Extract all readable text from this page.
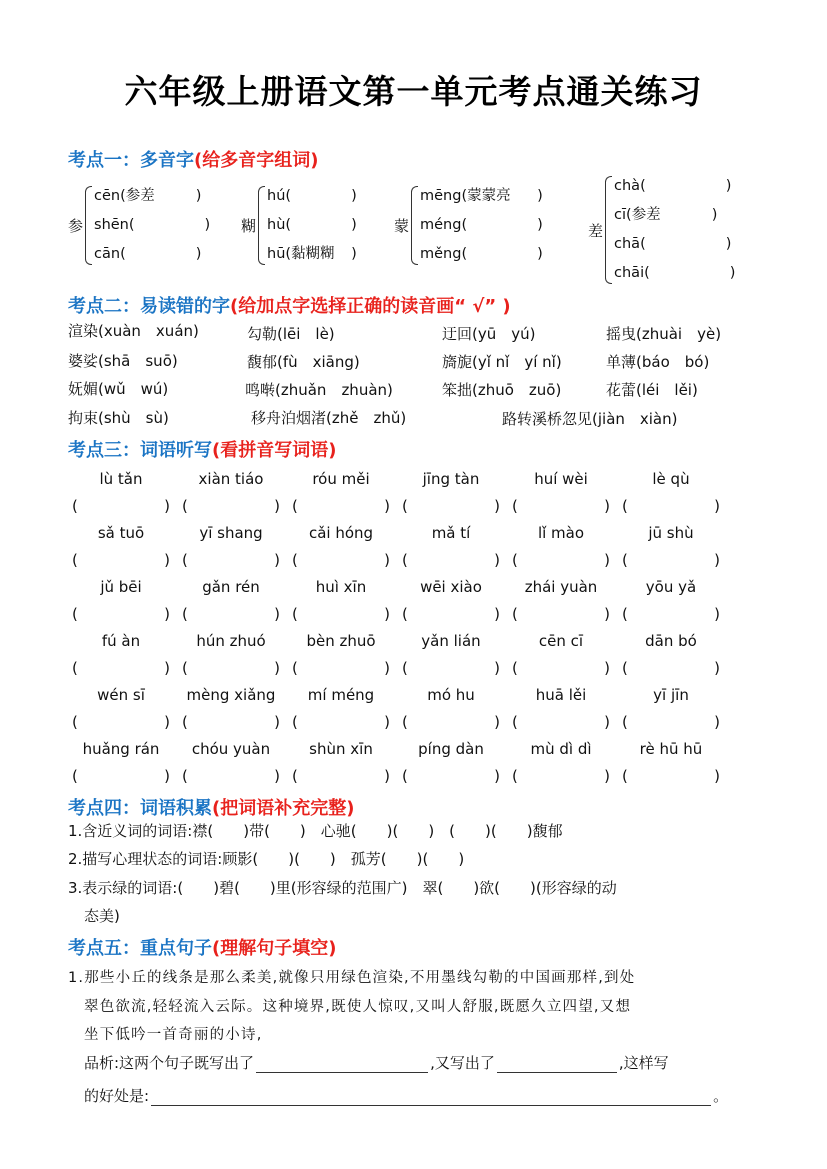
六年级上册语文第一单元考点通关练习
考点一：多音字(给多音字组词)
参
cēn( 参差	)
shēn(	)
cān(	)
糊
hú(	)
hù(	)
hū( 黏糊糊	)
蒙
mēng( 蒙蒙亮	)
méng(	)
měng(	)
差
chà(	)
cī( 参差	)
chā(	)
chāi(	)
考点二：易读错的字(给加点字选择正确的读音画“ √” )
渲染(xuàn　xuán)	勾勒(lēi　lè)	迂回(yū　yú)	摇曳(zhuài　yè)
婆娑(shā　suō)	馥郁(fù　xiāng)	旖旎(yǐ nǐ　yí nǐ)	单薄(báo　bó)
妩媚(wǔ　wú)	鸣啭(zhuǎn　zhuàn)	笨拙(zhuō　zuō)	花蕾(léi　lěi)
拘束(shù　sù)	移舟泊烟渚(zhě　zhǔ)	路转溪桥忽见(jiàn　xiàn)
考点三：词语听写(看拼音写词语)
lù tǎn	xiàn tiáo	róu měi	jīng tàn	huí wèi	lè qù
(	) (	) (	) (	) (	) (	)
sǎ tuō	yī shang	cǎi hóng	mǎ tí	lǐ mào	jū shù
(	) (	) (	) (	) (	) (	)
jǔ bēi	gǎn rén	huì xīn	wēi xiào	zhái yuàn	yōu yǎ
(	) (	) (	) (	) (	) (	)
fú àn	hún zhuó	bèn zhuō	yǎn lián	cēn cī	dān bó
(	) (	) (	) (	) (	) (	)
wén sī	mèng xiǎng	mí méng	mó hu	huā lěi	yī jīn
(	) (	) (	) (	) (	) (	)
huǎng rán	chóu yuàn	shùn xīn	píng dàn	mù dì dì	rè hū hū
(	) (	) (	) (	) (	) (	)
考点四：词语积累(把词语补充完整)
1.含近义词的词语:襟(　　)带(　　)　心驰(　　)(　　)　(　　)(　　)馥郁
2.描写心理状态的词语:顾影(　　)(　　)　孤芳(　　)(　　)
3.表示绿的词语:(　　)碧(　　)里(形容绿的范围广)　翠(　　)欲(　　)(形容绿的动
态美)
考点五：重点句子(理解句子填空)
1.那些小丘的线条是那么柔美,就像只用绿色渲染,不用墨线勾勒的中国画那样,到处
翠色欲流,轻轻流入云际。这种境界,既使人惊叹,又叫人舒服,既愿久立四望,又想
坐下低吟一首奇丽的小诗,
品析:这两个句子既写出了	,又写出了	,这样写
的好处是:	。
